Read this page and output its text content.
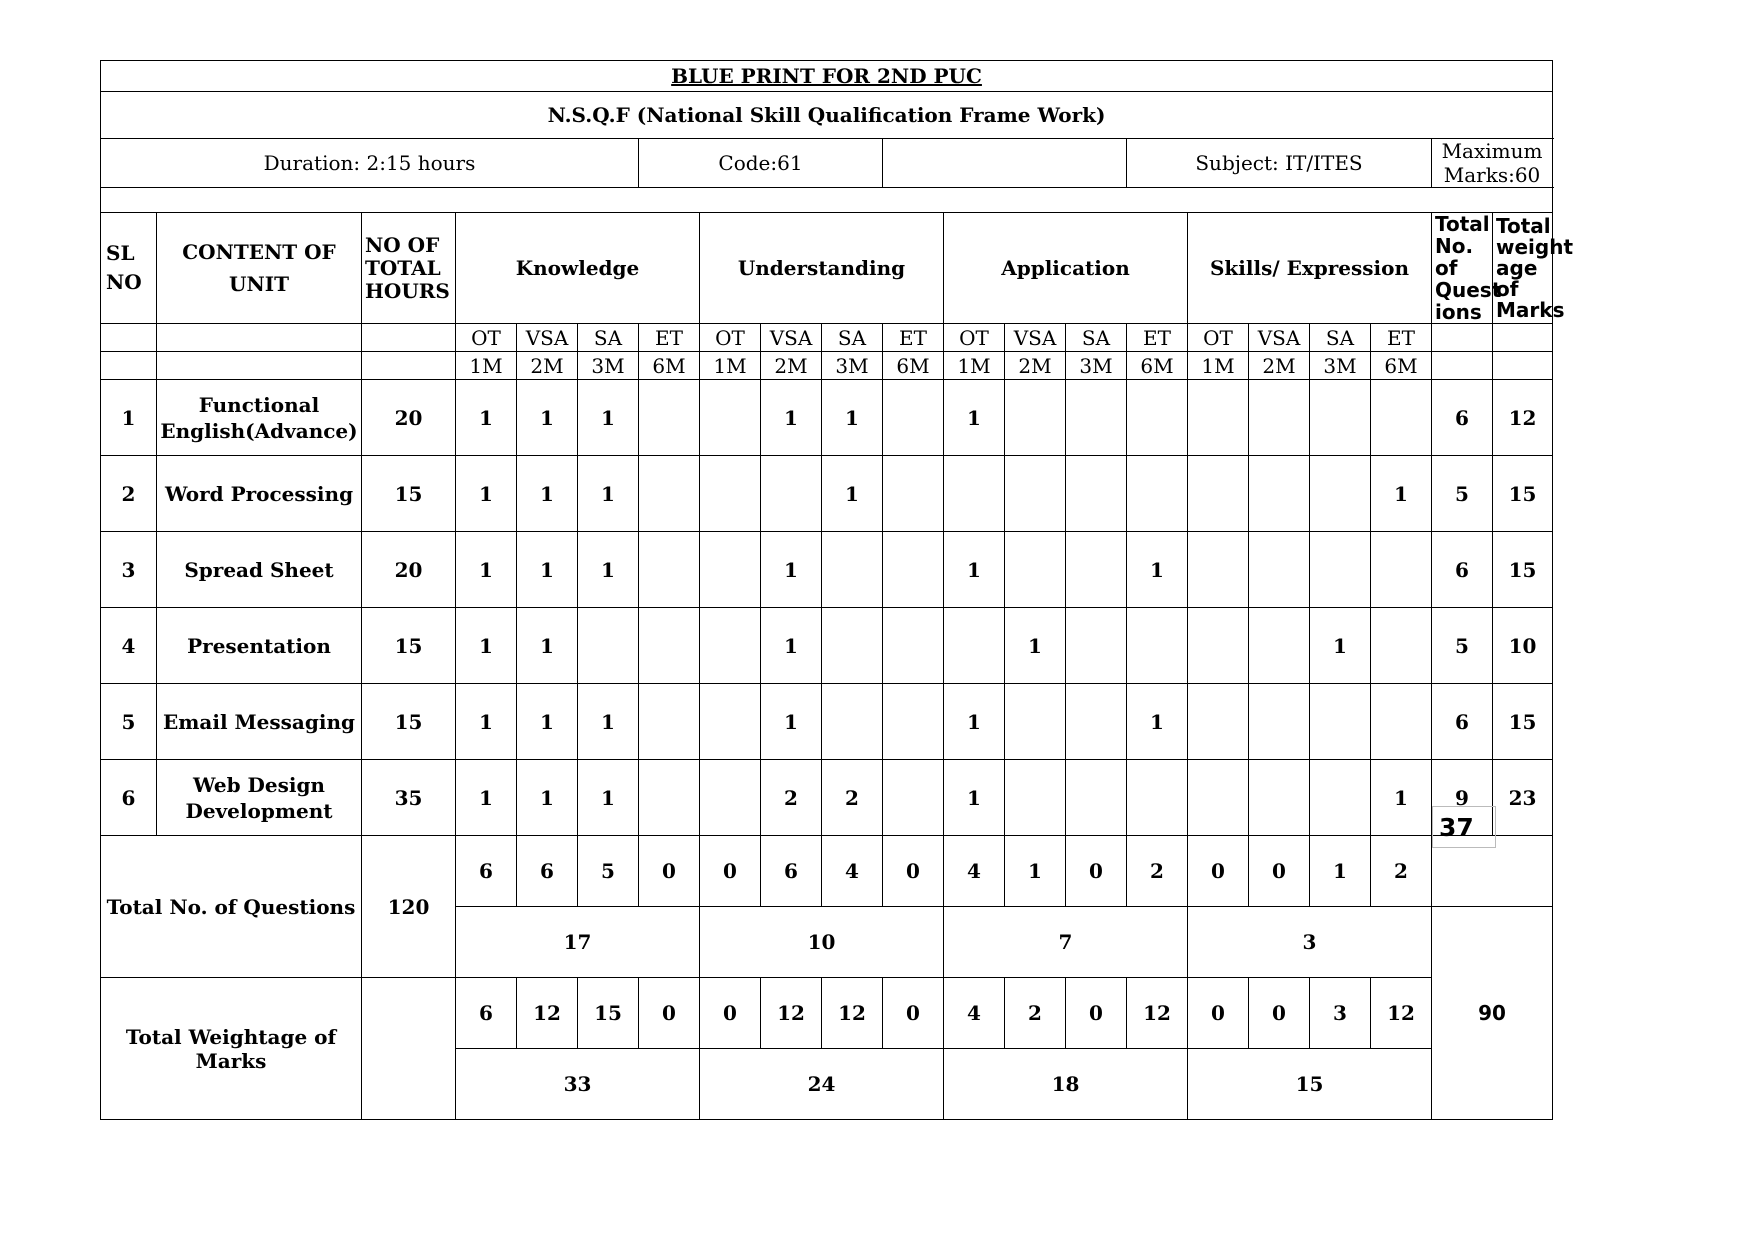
BLUE PRINT FOR 2ND PUC																				
N.S.Q.F (National Skill Qualification Frame Work)																				
Duration: 2:15 hours						Code:61								Subject: IT/ITES					Maximum Marks:60	

SL NO	CONTENT OF UNIT	NO OF TOTAL HOURS	Knowledge				Understanding				Application				Skills/ Expression				Total No. of Quest ions	Total weight age of Marks
			OT	VSA	SA	ET	OT	VSA	SA	ET	OT	VSA	SA	ET	OT	VSA	SA	ET		
			1M	2M	3M	6M	1M	2M	3M	6M	1M	2M	3M	6M	1M	2M	3M	6M		
1	Functional English(Advance)	20	1	1	1			1	1		1								6	12
2	Word Processing	15	1	1	1				1									1	5	15
3	Spread Sheet	20	1	1	1			1			1			1					6	15
4	Presentation	15	1	1				1				1					1		5	10
5	Email Messaging	15	1	1	1			1			1			1					6	15
6	Web Design Development	35	1	1	1			2	2		1							1	9	23
Total No. of Questions		120	6	6	5	0	0	6	4	0	4	1	0	2	0	0	1	2		
			17				10				7				3				90	
Total Weightage of Marks			6	12	15	0	0	12	12	0	4	2	0	12	0	0	3	12		
			33				24				18				15					
37
